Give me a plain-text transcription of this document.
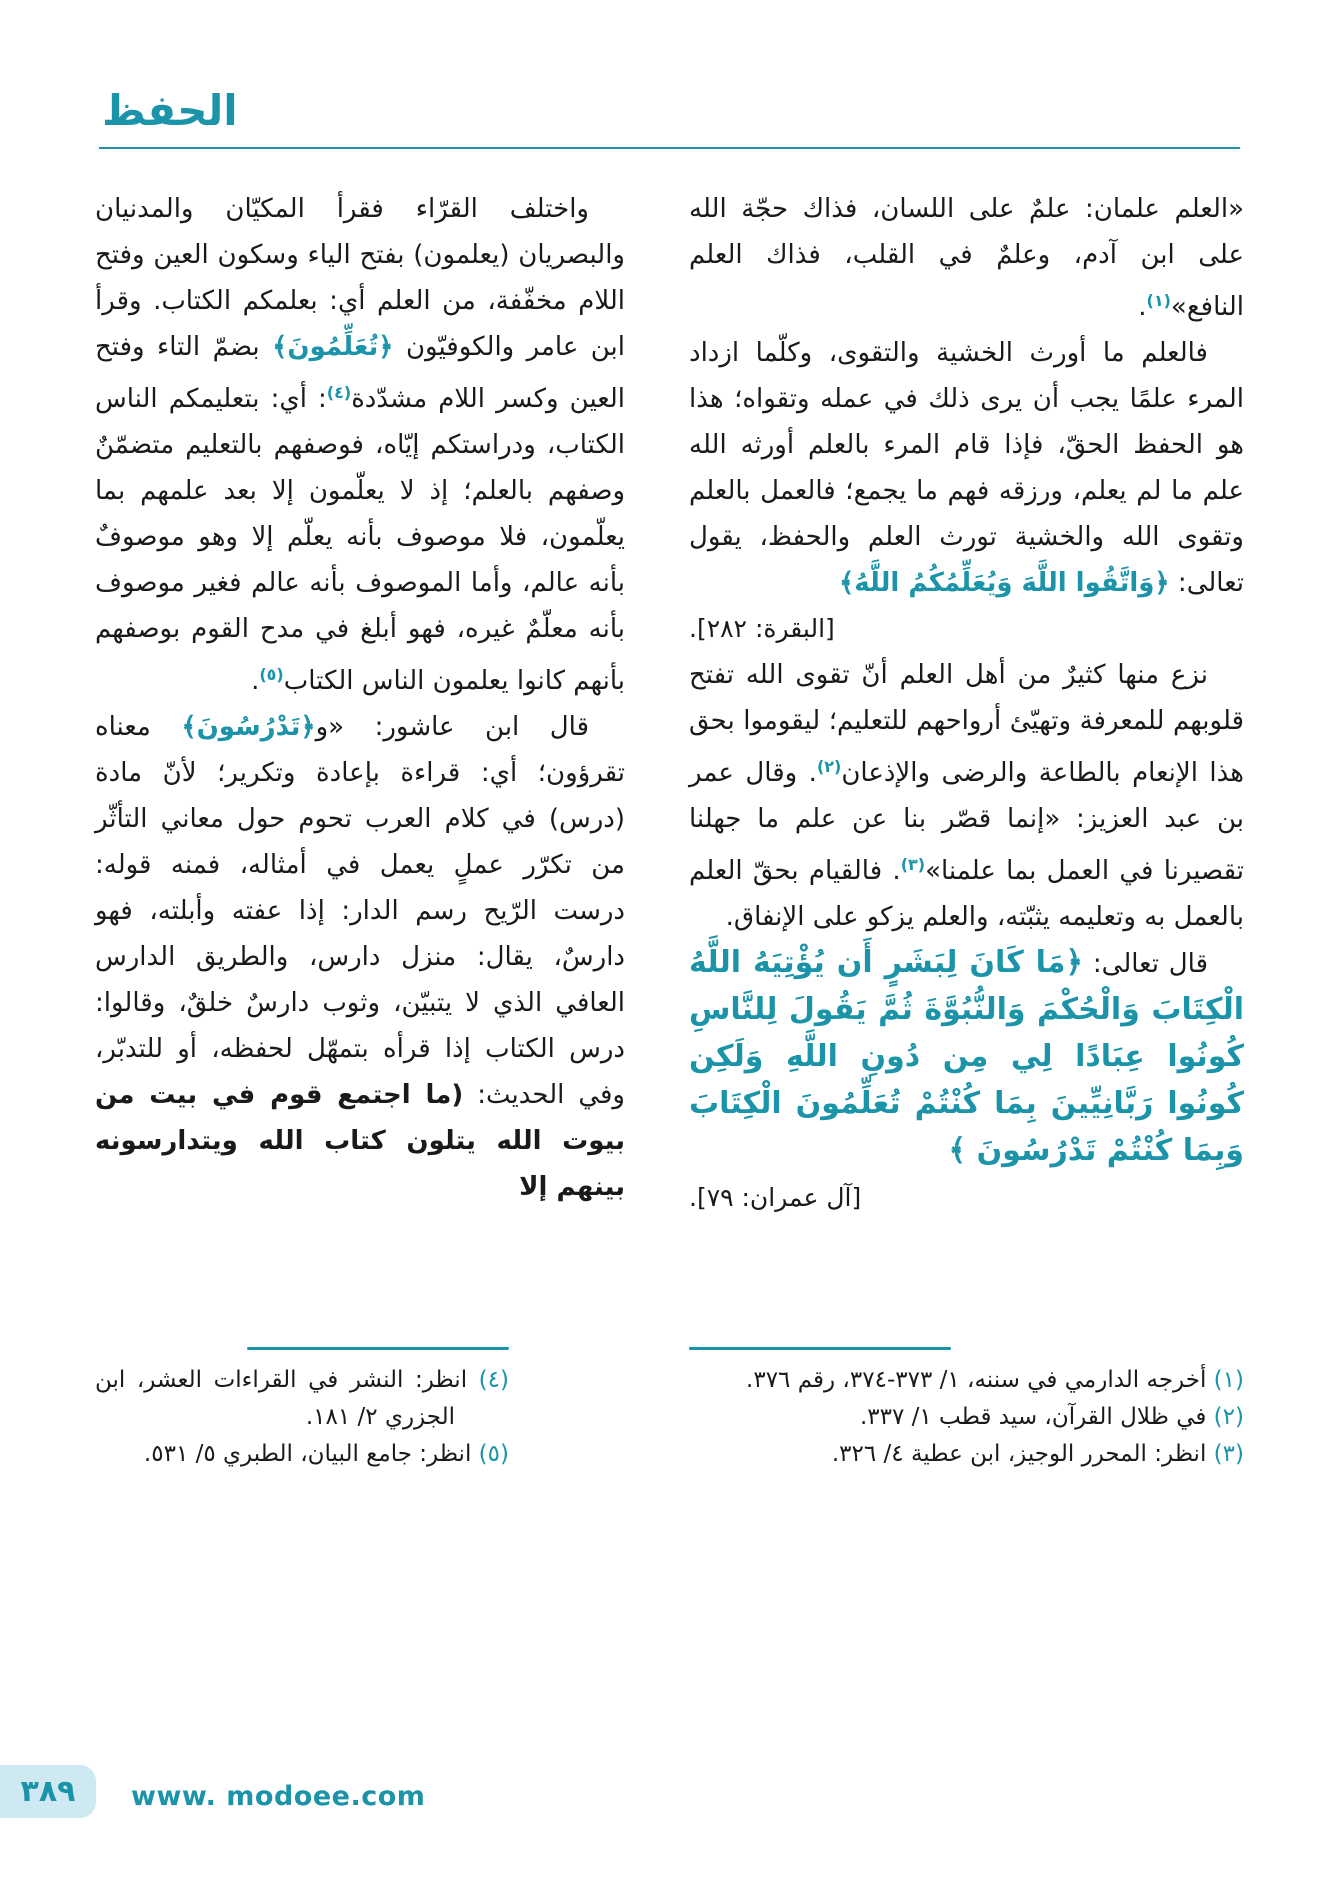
الحفظ

«العلم علمان: علمٌ على اللسان، فذاك حجّة الله على ابن آدم، وعلمٌ في القلب، فذاك العلم النافع»$^{(١)}$.

فالعلم ما أورث الخشية والتقوى، وكلّما ازداد المرء علمًا يجب أن يرى ذلك في عمله وتقواه؛ هذا هو الحفظ الحقّ، فإذا قام المرء بالعلم أورثه الله علم ما لم يعلم، ورزقه فهم ما يجمع؛ فالعمل بالعلم وتقوى الله والخشية تورث العلم والحفظ، يقول تعالى: ﴿وَاتَّقُوا اللَّهَ وَيُعَلِّمُكُمُ اللَّهُ﴾

[البقرة: ٢٨٢].

نزع منها كثيرٌ من أهل العلم أنّ تقوى الله تفتح قلوبهم للمعرفة وتهيّئ أرواحهم للتعليم؛ ليقوموا بحق هذا الإنعام بالطاعة والرضى والإذعان$^{(٢)}$. وقال عمر بن عبد العزيز: «إنما قصّر بنا عن علم ما جهلنا تقصيرنا في العمل بما علمنا»$^{(٣)}$. فالقيام بحقّ العلم بالعمل به وتعليمه يثبّته، والعلم يزكو على الإنفاق.

قال تعالى: ﴿مَا كَانَ لِبَشَرٍ أَن يُؤْتِيَهُ اللَّهُ الْكِتَابَ وَالْحُكْمَ وَالنُّبُوَّةَ ثُمَّ يَقُولَ لِلنَّاسِ كُونُوا عِبَادًا لِي مِن دُونِ اللَّهِ وَلَكِن كُونُوا رَبَّانِيِّينَ بِمَا كُنْتُمْ تُعَلِّمُونَ الْكِتَابَ وَبِمَا كُنْتُمْ تَدْرُسُونَ ﴾

[آل عمران: ٧٩].

(١) أخرجه الدارمي في سننه، ١/ ٣٧٣-٣٧٤، رقم ٣٧٦.
(٢) في ظلال القرآن، سيد قطب ١/ ٣٣٧.
(٣) انظر: المحرر الوجيز، ابن عطية ٤/ ٣٢٦.

واختلف القرّاء فقرأ المكيّان والمدنيان والبصريان (يعلمون) بفتح الياء وسكون العين وفتح اللام مخفّفة، من العلم أي: بعلمكم الكتاب. وقرأ ابن عامر والكوفيّون ﴿تُعَلِّمُونَ﴾ بضمّ التاء وفتح العين وكسر اللام مشدّدة$^{(٤)}$: أي: بتعليمكم الناس الكتاب، ودراستكم إيّاه، فوصفهم بالتعليم متضمّنٌ وصفهم بالعلم؛ إذ لا يعلّمون إلا بعد علمهم بما يعلّمون، فلا موصوف بأنه يعلّم إلا وهو موصوفٌ بأنه عالم، وأما الموصوف بأنه عالم فغير موصوف بأنه معلّمٌ غيره، فهو أبلغ في مدح القوم بوصفهم بأنهم كانوا يعلمون الناس الكتاب$^{(٥)}$.

قال ابن عاشور: «و﴿تَدْرُسُونَ﴾ معناه تقرؤون؛ أي: قراءة بإعادة وتكرير؛ لأنّ مادة (درس) في كلام العرب تحوم حول معاني التأثّر من تكرّر عملٍ يعمل في أمثاله، فمنه قوله: درست الرّيح رسم الدار: إذا عفته وأبلته، فهو دارسٌ، يقال: منزل دارس، والطريق الدارس العافي الذي لا يتبيّن، وثوب دارسٌ خلقٌ، وقالوا: درس الكتاب إذا قرأه بتمهّل لحفظه، أو للتدبّر، وفي الحديث: (ما اجتمع قوم في بيت من بيوت الله يتلون كتاب الله ويتدارسونه بينهم إلا

(٤) انظر: النشر في القراءات العشر، ابن الجزري ٢/ ١٨١.
(٥) انظر: جامع البيان، الطبري ٥/ ٥٣١.
٣٨٩ www. modoee.com
